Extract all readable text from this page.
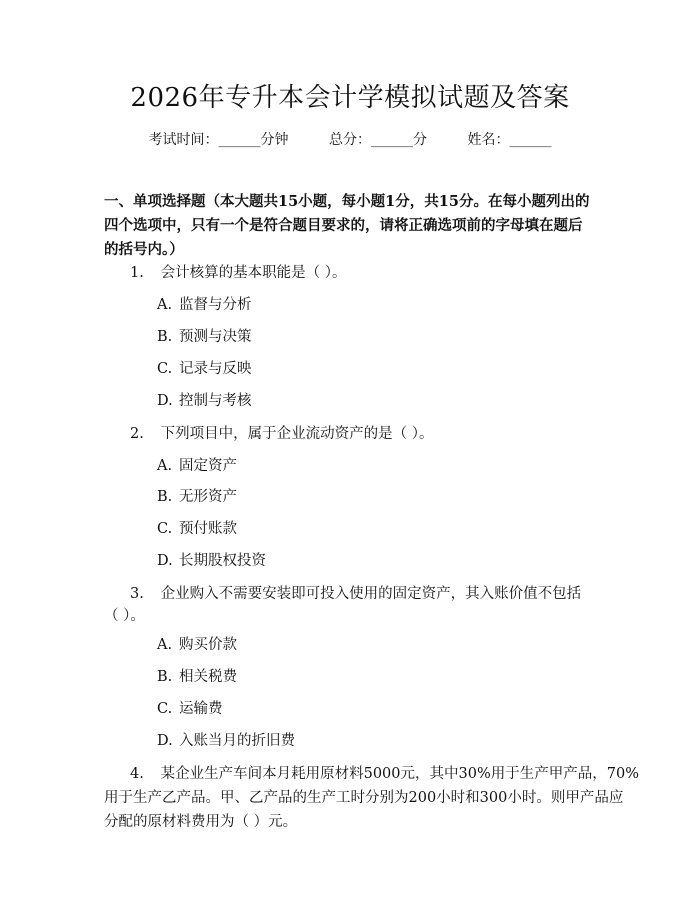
2026年专升本会计学模拟试题及答案
考试时间：______分钟	总分：______分	姓名：______
一、单项选择题（本大题共15小题，每小题1分，共15分。在每小题列出的四个选项中，只有一个是符合题目要求的，请将正确选项前的字母填在题后的括号内。）
1. 会计核算的基本职能是（ ）。
A. 监督与分析
B. 预测与决策
C. 记录与反映
D. 控制与考核
2. 下列项目中，属于企业流动资产的是（ ）。
A. 固定资产
B. 无形资产
C. 预付账款
D. 长期股权投资
3. 企业购入不需要安装即可投入使用的固定资产，其入账价值不包括
（ ）。
A. 购买价款
B. 相关税费
C. 运输费
D. 入账当月的折旧费
4. 某企业生产车间本月耗用原材料5000元，其中30%用于生产甲产品，70%
用于生产乙产品。甲、乙产品的生产工时分别为200小时和300小时。则甲产品应
分配的原材料费用为（ ）元。
